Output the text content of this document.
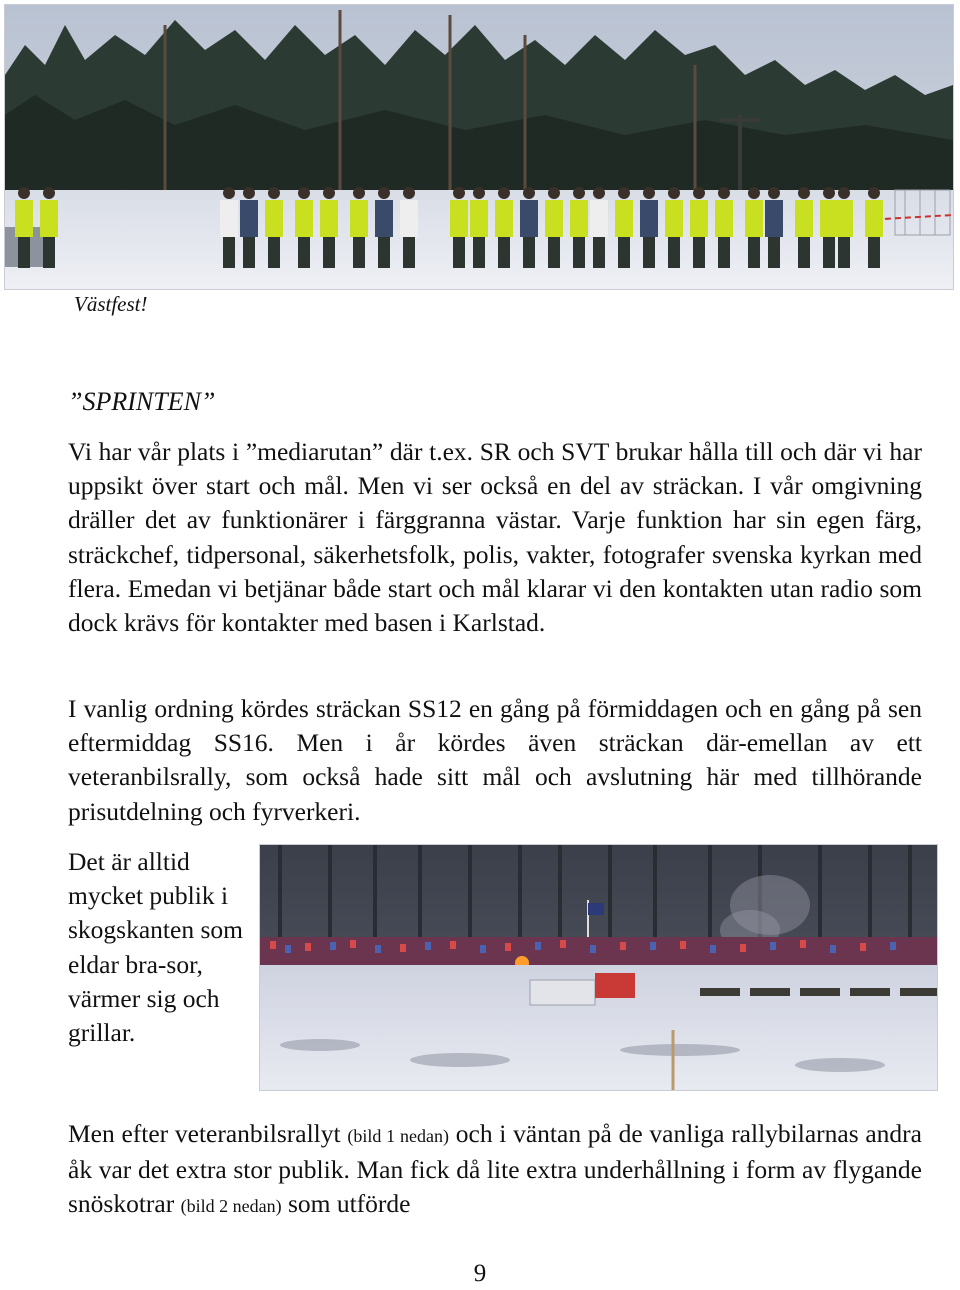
Västfest!
”SPRINTEN”

Vi har vår plats i ”mediarutan” där t.ex. SR och SVT brukar hålla till och där vi har uppsikt över start och mål. Men vi ser också en del av sträckan. I vår omgivning dräller det av funktionärer i färggranna västar. Varje funktion har sin egen färg, sträckchef, tidpersonal, säkerhetsfolk, polis, vakter, fotografer svenska kyrkan med flera. Emedan vi betjänar både start och mål klarar vi den kontakten utan radio som dock krävs för kontakter med basen i Karlstad.

I vanlig ordning kördes sträckan SS12 en gång på förmiddagen och en gång på sen eftermiddag SS16. Men i år kördes även sträckan där-emellan av ett veteranbilsrally, som också hade sitt mål och avslutning här med tillhörande prisutdelning och fyrverkeri.

Det är alltid mycket publik i skogskanten som eldar bra-sor, värmer sig och grillar.

Men efter veteranbilsrallyt (bild 1 nedan) och i väntan på de vanliga rallybilarnas andra åk var det extra stor publik. Man fick då lite extra underhållning i form av flygande snöskotrar (bild 2 nedan) som utförde

9
